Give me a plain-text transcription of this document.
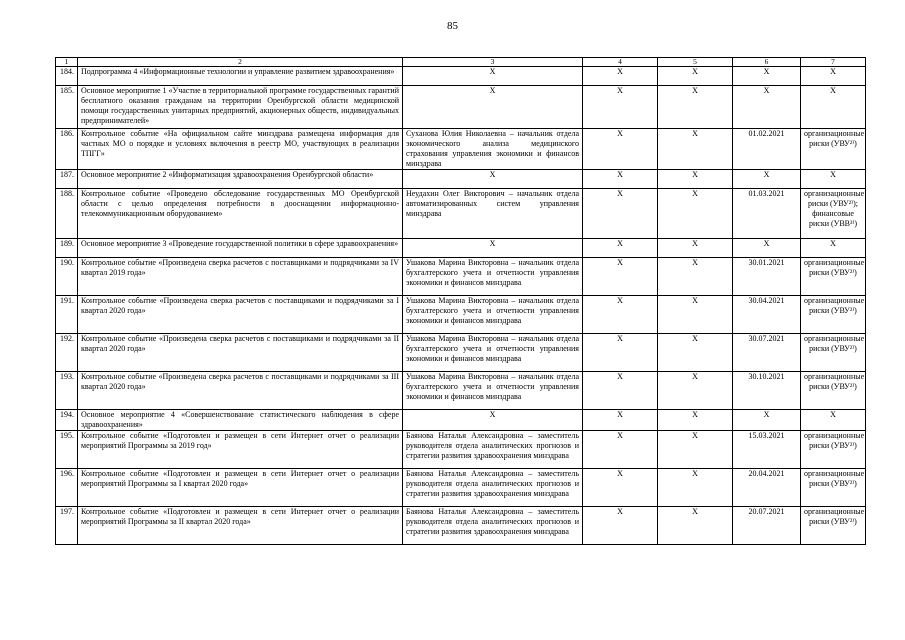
85
1	2	3	4	5	6	7
184.	Подпрограмма 4 «Информационные технологии и управление развитием здравоохранения»	Х	Х	Х	Х	Х
185.	Основное мероприятие 1 «Участие в территориальной программе государственных гарантий бесплатного оказания гражданам на территории Оренбургской области медицинской помощи государственных унитарных предприятий, акционерных обществ, индивидуальных предпринимателей»	Х	Х	Х	Х	Х
186.	Контрольное событие «На официальном сайте минздрава размещена информация для частных МО о порядке и условиях включения в реестр МО, участвующих в реализации ТПГГ»	Суханова Юлия Николаевна – начальник отдела экономического анализа медицинского страхования управления экономики и финансов минздрава	Х	Х	01.02.2021	организационные риски (УВУ²⁾)
187.	Основное мероприятие 2 «Информатизация здравоохранения Оренбургской области»	Х	Х	Х	Х	Х
188.	Контрольное событие «Проведено обследование государственных МО Оренбургской области с целью определения потребности в дооснащении информационно-телекоммуникационным оборудованием»	Неудахин Олег Викторович – начальник отдела автоматизированных систем управления минздрава	Х	Х	01.03.2021	организационные риски (УВУ²⁾); финансовые риски (УВВ³⁾)
189.	Основное мероприятие 3 «Проведение государственной политики в сфере здравоохранения»	Х	Х	Х	Х	Х
190.	Контрольное событие «Произведена сверка расчетов с поставщиками и подрядчиками за IV квартал 2019 года»	Ушакова Марина Викторовна – начальник отдела бухгалтерского учета и отчетности управления экономики и финансов минздрава	Х	Х	30.01.2021	организационные риски (УВУ²⁾)
191.	Контрольное событие «Произведена сверка расчетов с поставщиками и подрядчиками за I квартал 2020 года»	Ушакова Марина Викторовна – начальник отдела бухгалтерского учета и отчетности управления экономики и финансов минздрава	Х	Х	30.04.2021	организационные риски (УВУ²⁾)
192.	Контрольное событие «Произведена сверка расчетов с поставщиками и подрядчиками за II квартал 2020 года»	Ушакова Марина Викторовна – начальник отдела бухгалтерского учета и отчетности управления экономики и финансов минздрава	Х	Х	30.07.2021	организационные риски (УВУ²⁾)
193.	Контрольное событие «Произведена сверка расчетов с поставщиками и подрядчиками за III квартал 2020 года»	Ушакова Марина Викторовна – начальник отдела бухгалтерского учета и отчетности управления экономики и финансов минздрава	Х	Х	30.10.2021	организационные риски (УВУ²⁾)
194.	Основное мероприятие 4 «Совершенствование статистического наблюдения в сфере здравоохранения»	Х	Х	Х	Х	Х
195.	Контрольное событие «Подготовлен и размещен в сети Интернет отчет о реализации мероприятий Программы за 2019 год»	Баянова Наталья Александровна – заместитель руководителя отдела аналитических прогнозов и стратегии развития здравоохранения минздрава	Х	Х	15.03.2021	организационные риски (УВУ²⁾)
196.	Контрольное событие «Подготовлен и размещен в сети Интернет отчет о реализации мероприятий Программы за I квартал 2020 года»	Баянова Наталья Александровна – заместитель руководителя отдела аналитических прогнозов и стратегии развития здравоохранения минздрава	Х	Х	20.04.2021	организационные риски (УВУ²⁾)
197.	Контрольное событие «Подготовлен и размещен в сети Интернет отчет о реализации мероприятий Программы за II квартал 2020 года»	Баянова Наталья Александровна – заместитель руководителя отдела аналитических прогнозов и стратегии развития здравоохранения минздрава	Х	Х	20.07.2021	организационные риски (УВУ²⁾)
